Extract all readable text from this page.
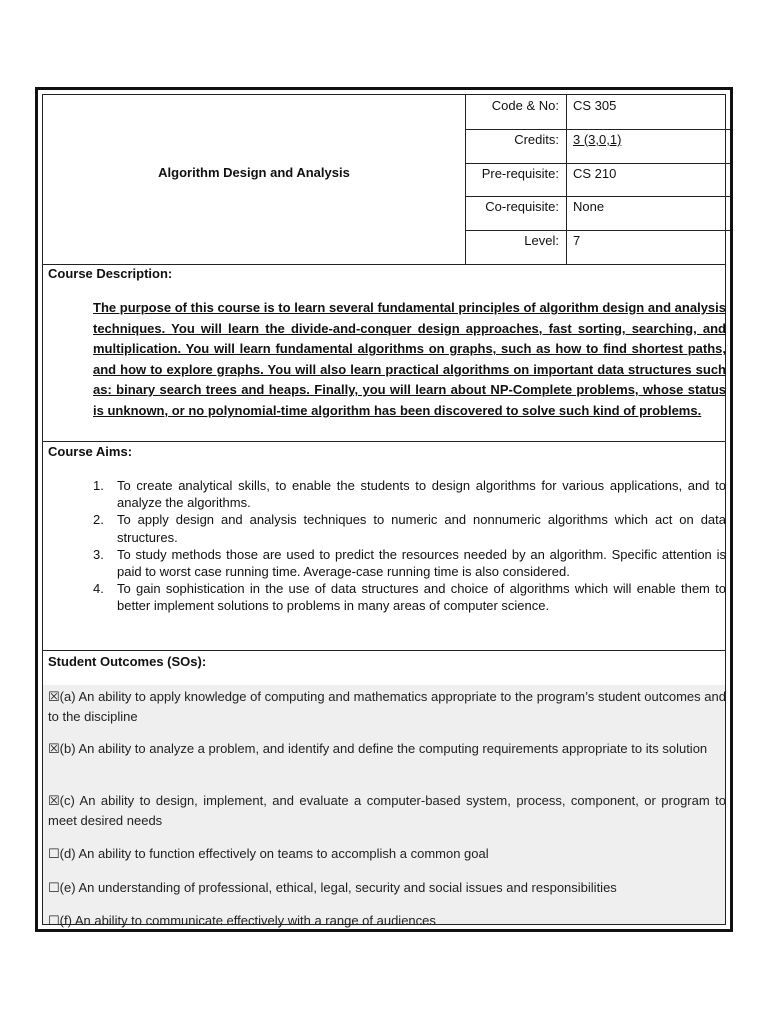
Algorithm Design and Analysis
Code & No: CS 305
Credits: 3 (3,0,1)
Pre-requisite: CS 210
Co-requisite: None
Level: 7
Course Description:
The purpose of this course is to learn several fundamental principles of algorithm design and analysis techniques. You will learn the divide-and-conquer design approaches, fast sorting, searching, and multiplication. You will learn fundamental algorithms on graphs, such as how to find shortest paths, and how to explore graphs. You will also learn practical algorithms on important data structures such as: binary search trees and heaps. Finally, you will learn about NP-Complete problems, whose status is unknown, or no polynomial-time algorithm has been discovered to solve such kind of problems.
Course Aims:
1. To create analytical skills, to enable the students to design algorithms for various applications, and to analyze the algorithms.
2. To apply design and analysis techniques to numeric and nonnumeric algorithms which act on data structures.
3. To study methods those are used to predict the resources needed by an algorithm. Specific attention is paid to worst case running time. Average-case running time is also considered.
4. To gain sophistication in the use of data structures and choice of algorithms which will enable them to better implement solutions to problems in many areas of computer science.
Student Outcomes (SOs):
☒(a) An ability to apply knowledge of computing and mathematics appropriate to the program’s student outcomes and to the discipline
☒(b) An ability to analyze a problem, and identify and define the computing requirements appropriate to its solution
☒(c) An ability to design, implement, and evaluate a computer-based system, process, component, or program to meet desired needs
☐(d) An ability to function effectively on teams to accomplish a common goal
☐(e) An understanding of professional, ethical, legal, security and social issues and responsibilities
☐(f) An ability to communicate effectively with a range of audiences
